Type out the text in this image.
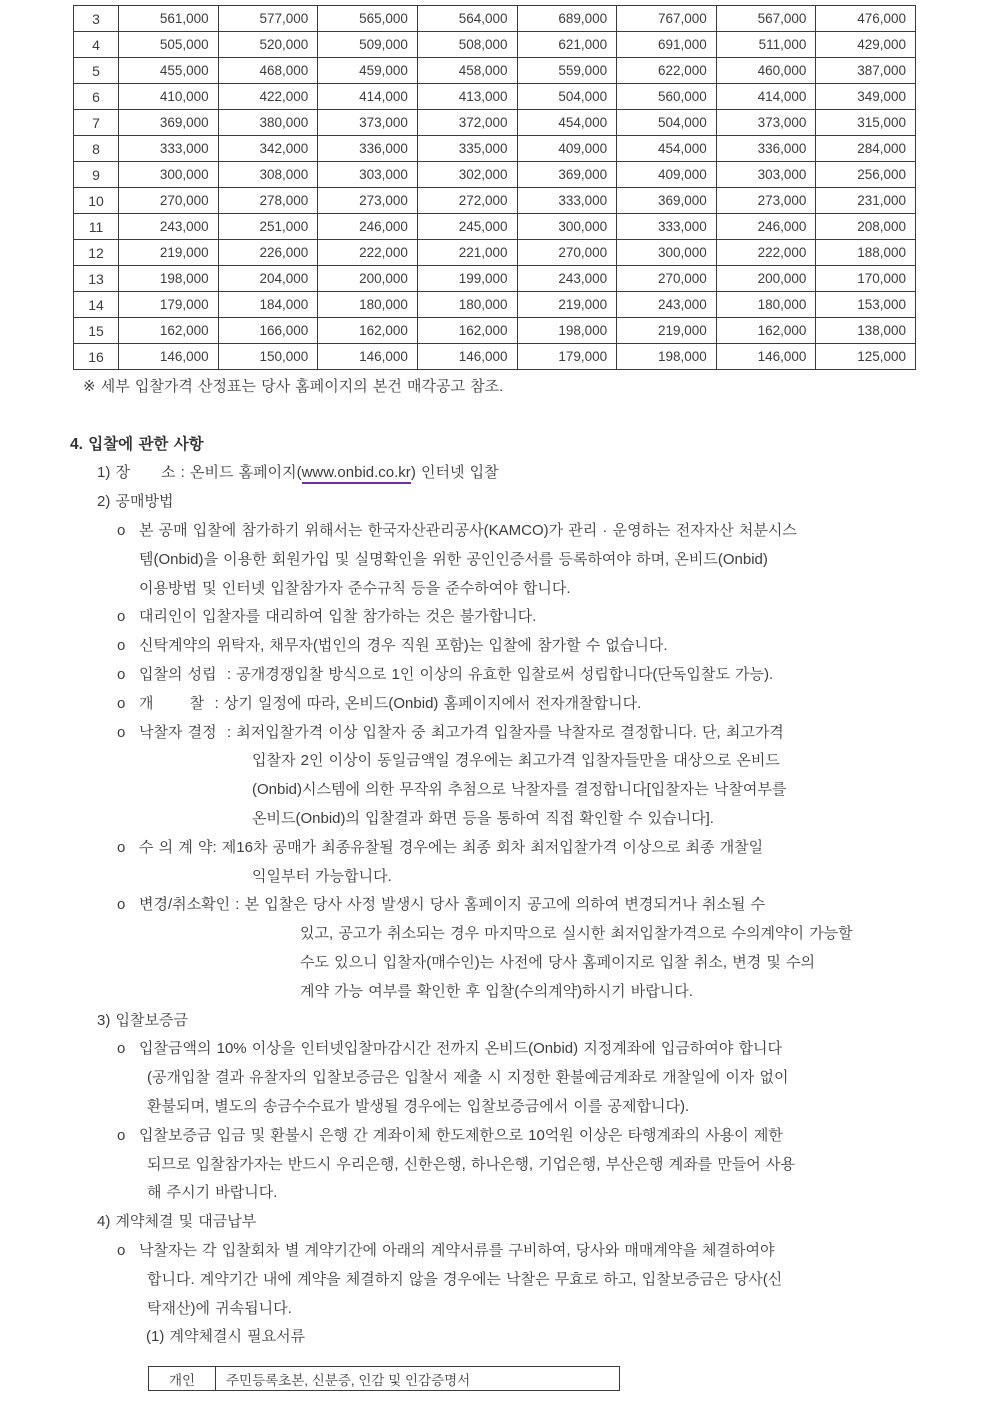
3	561,000	577,000	565,000	564,000	689,000	767,000	567,000	476,000
4	505,000	520,000	509,000	508,000	621,000	691,000	511,000	429,000
5	455,000	468,000	459,000	458,000	559,000	622,000	460,000	387,000
6	410,000	422,000	414,000	413,000	504,000	560,000	414,000	349,000
7	369,000	380,000	373,000	372,000	454,000	504,000	373,000	315,000
8	333,000	342,000	336,000	335,000	409,000	454,000	336,000	284,000
9	300,000	308,000	303,000	302,000	369,000	409,000	303,000	256,000
10	270,000	278,000	273,000	272,000	333,000	369,000	273,000	231,000
11	243,000	251,000	246,000	245,000	300,000	333,000	246,000	208,000
12	219,000	226,000	222,000	221,000	270,000	300,000	222,000	188,000
13	198,000	204,000	200,000	199,000	243,000	270,000	200,000	170,000
14	179,000	184,000	180,000	180,000	219,000	243,000	180,000	153,000
15	162,000	166,000	162,000	162,000	198,000	219,000	162,000	138,000
16	146,000	150,000	146,000	146,000	179,000	198,000	146,000	125,000
※ 세부 입찰가격 산정표는 당사 홈페이지의 본건 매각공고 참조.

4. 입찰에 관한 사항
1) 장      소 : 온비드 홈페이지(www.onbid.co.kr) 인터넷 입찰
2) 공매방법
o 본 공매 입찰에 참가하기 위해서는 한국자산관리공사(KAMCO)가 관리 · 운영하는 전자자산 처분시스
템(Onbid)을 이용한 회원가입 및 실명확인을 위한 공인인증서를 등록하여야 하며, 온비드(Onbid)
이용방법 및 인터넷 입찰참가자 준수규칙 등을 준수하여야 합니다.
o 대리인이 입찰자를 대리하여 입찰 참가하는 것은 불가합니다.
o 신탁계약의 위탁자, 채무자(법인의 경우 직원 포함)는 입찰에 참가할 수 없습니다.
o 입찰의 성립  : 공개경쟁입찰 방식으로 1인 이상의 유효한 입찰로써 성립합니다(단독입찰도 가능).
o 개       찰  : 상기 일정에 따라, 온비드(Onbid) 홈페이지에서 전자개찰합니다.
o 낙찰자 결정  : 최저입찰가격 이상 입찰자 중 최고가격 입찰자를 낙찰자로 결정합니다. 단, 최고가격
입찰자 2인 이상이 동일금액일 경우에는 최고가격 입찰자들만을 대상으로 온비드
(Onbid)시스템에 의한 무작위 추첨으로 낙찰자를 결정합니다[입찰자는 낙찰여부를
온비드(Onbid)의 입찰결과 화면 등을 통하여 직접 확인할 수 있습니다].
o 수 의 계 약: 제16차 공매가 최종유찰될 경우에는 최종 회차 최저입찰가격 이상으로 최종 개찰일
익일부터 가능합니다.
o 변경/취소확인 : 본 입찰은 당사 사정 발생시 당사 홈페이지 공고에 의하여 변경되거나 취소될 수
있고, 공고가 취소되는 경우 마지막으로 실시한 최저입찰가격으로 수의계약이 가능할
수도 있으니 입찰자(매수인)는 사전에 당사 홈페이지로 입찰 취소, 변경 및 수의
계약 가능 여부를 확인한 후 입찰(수의계약)하시기 바랍니다.
3) 입찰보증금
o 입찰금액의 10% 이상을 인터넷입찰마감시간 전까지 온비드(Onbid) 지정계좌에 입금하여야 합니다
(공개입찰 결과 유찰자의 입찰보증금은 입찰서 제출 시 지정한 환불예금계좌로 개찰일에 이자 없이
환불되며, 별도의 송금수수료가 발생될 경우에는 입찰보증금에서 이를 공제합니다).
o 입찰보증금 입금 및 환불시 은행 간 계좌이체 한도제한으로 10억원 이상은 타행계좌의 사용이 제한
되므로 입찰참가자는 반드시 우리은행, 신한은행, 하나은행, 기업은행, 부산은행 계좌를 만들어 사용
해 주시기 바랍니다.
4) 계약체결 및 대금납부
o 낙찰자는 각 입찰회차 별 계약기간에 아래의 계약서류를 구비하여, 당사와 매매계약을 체결하여야
합니다. 계약기간 내에 계약을 체결하지 않을 경우에는 낙찰은 무효로 하고, 입찰보증금은 당사(신
탁재산)에 귀속됩니다.
(1) 계약체결시 필요서류
개인	주민등록초본, 신분증, 인감 및 인감증명서
